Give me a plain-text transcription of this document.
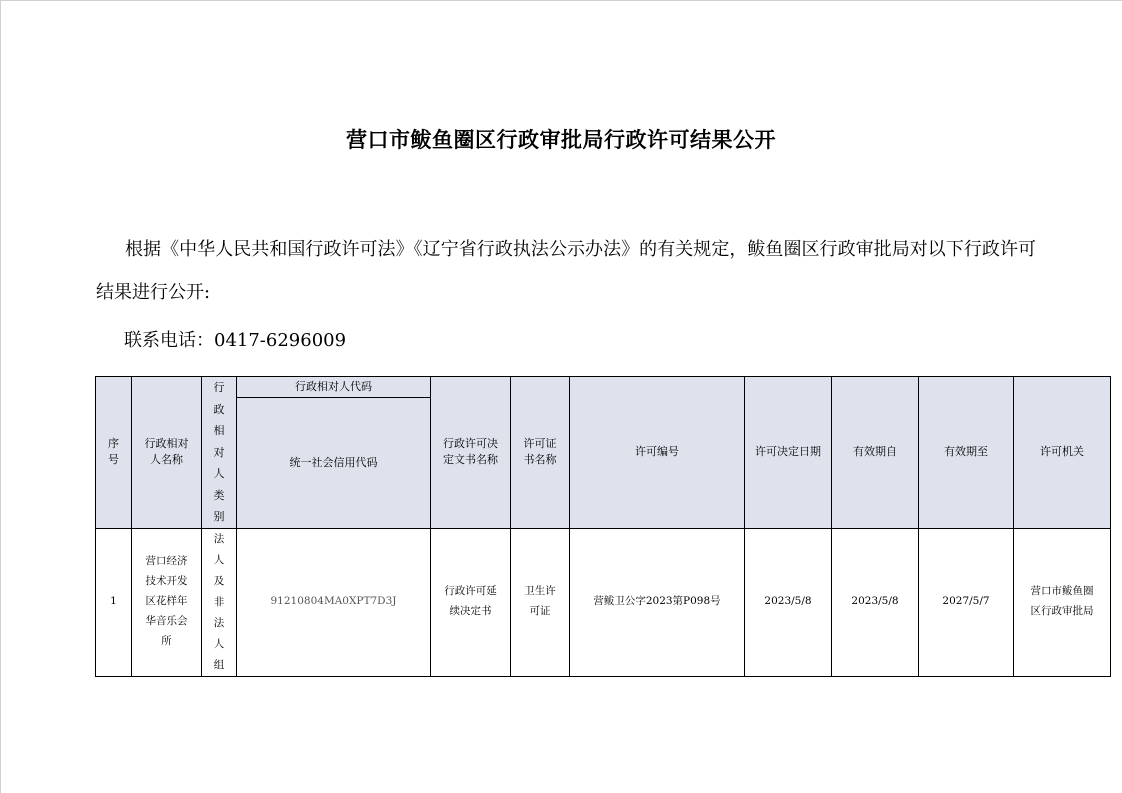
营口市鲅鱼圈区行政审批局行政许可结果公开
根据《中华人民共和国行政许可法》《辽宁省行政执法公示办法》的有关规定，鲅鱼圈区行政审批局对以下行政许可结果进行公开:
联系电话：0417-6296009
序号	行政相对人名称	行政相对人类别	行政相对人代码	行政许可决定文书名称	许可证书名称	许可编号	许可决定日期	有效期自	有效期至	许可机关
			统一社会信用代码							
1	营口经济技术开发区花样年华音乐会所	法人及非法人组	91210804MA0XPT7D3J	行政许可延续决定书	卫生许可证	营鲅卫公字2023第P098号	2023/5/8	2023/5/8	2027/5/7	营口市鲅鱼圈区行政审批局
